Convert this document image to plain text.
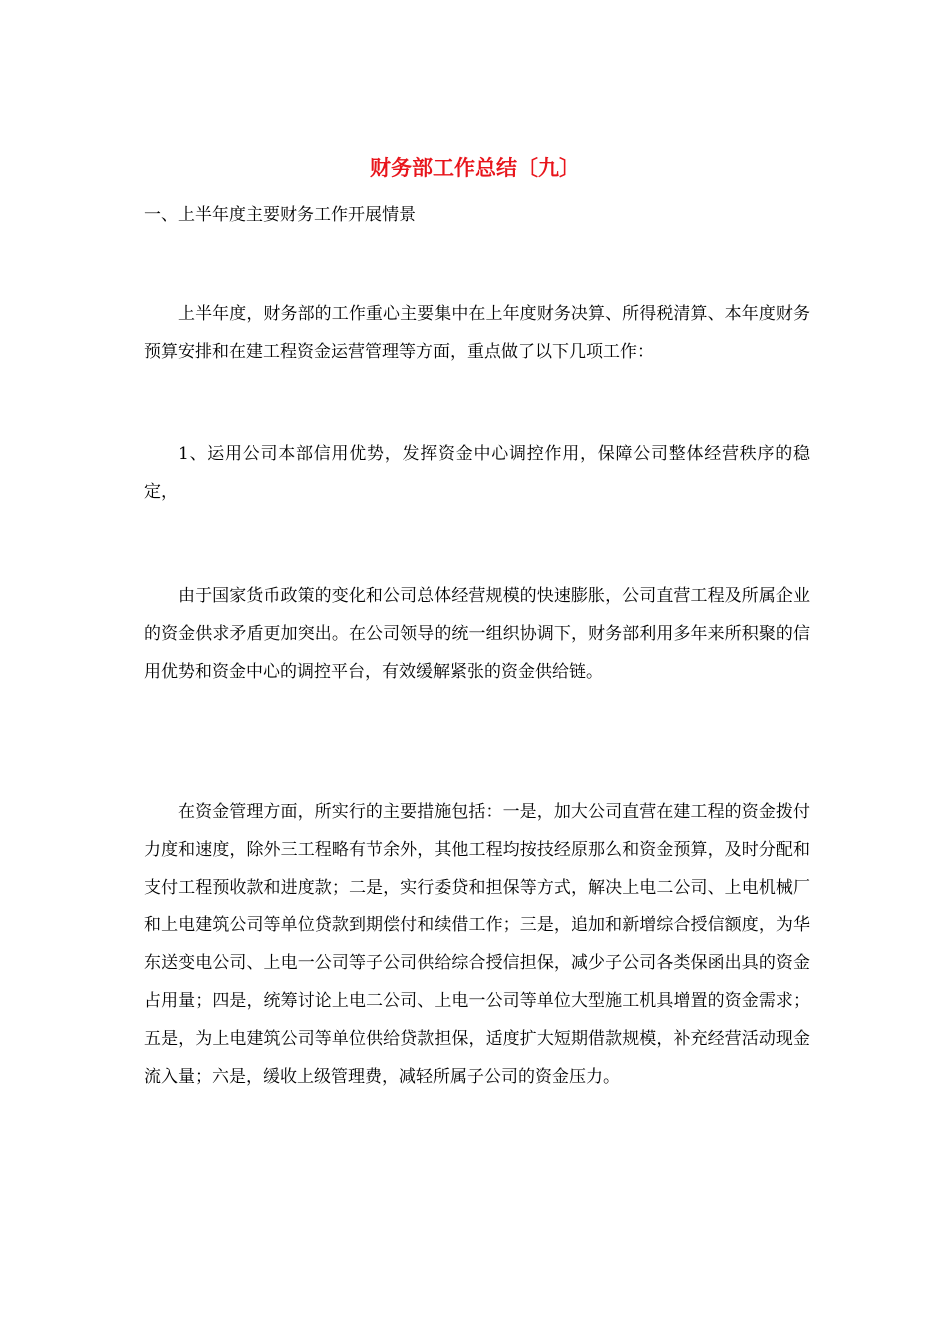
财务部工作总结〔九〕
一、上半年度主要财务工作开展情景

上半年度，财务部的工作重心主要集中在上年度财务决算、所得税清算、本年度财务预算安排和在建工程资金运营管理等方面，重点做了以下几项工作：

1、运用公司本部信用优势，发挥资金中心调控作用，保障公司整体经营秩序的稳定，

由于国家货币政策的变化和公司总体经营规模的快速膨胀，公司直营工程及所属企业的资金供求矛盾更加突出。在公司领导的统一组织协调下，财务部利用多年来所积聚的信用优势和资金中心的调控平台，有效缓解紧张的资金供给链。

在资金管理方面，所实行的主要措施包括：一是，加大公司直营在建工程的资金拨付力度和速度，除外三工程略有节余外，其他工程均按技经原那么和资金预算，及时分配和支付工程预收款和进度款；二是，实行委贷和担保等方式，解决上电二公司、上电机械厂和上电建筑公司等单位贷款到期偿付和续借工作；三是，追加和新增综合授信额度，为华东送变电公司、上电一公司等子公司供给综合授信担保，减少子公司各类保函出具的资金占用量；四是，统筹讨论上电二公司、上电一公司等单位大型施工机具增置的资金需求；五是，为上电建筑公司等单位供给贷款担保，适度扩大短期借款规模，补充经营活动现金流入量；六是，缓收上级管理费，减轻所属子公司的资金压力。
